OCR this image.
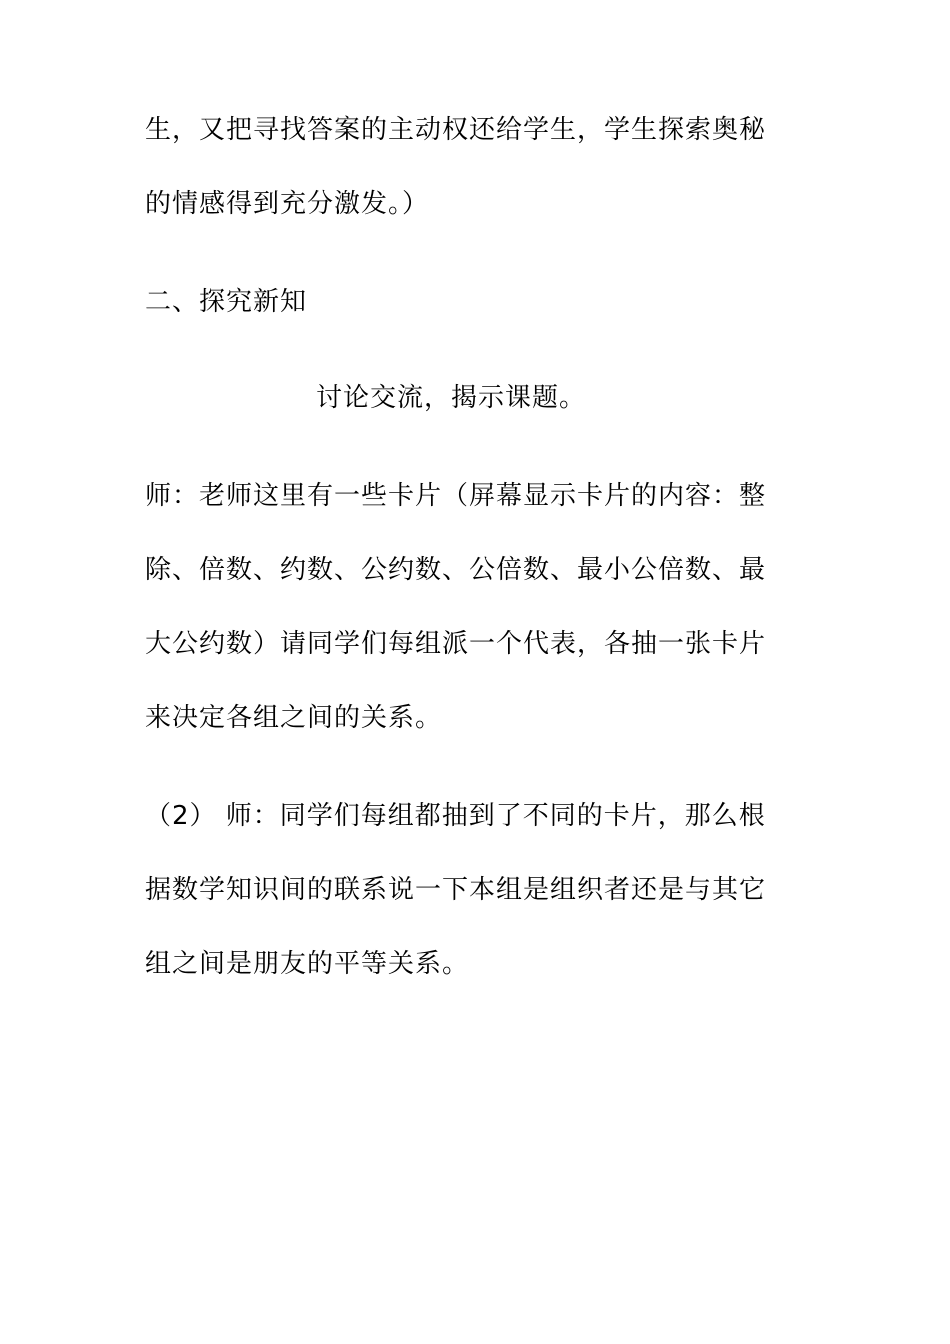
生，又把寻找答案的主动权还给学生，学生探索奥秘
的情感得到充分激发。）
二、探究新知
讨论交流，揭示课题。
师：老师这里有一些卡片（屏幕显示卡片的内容：整
除、倍数、约数、公约数、公倍数、最小公倍数、最
大公约数）请同学们每组派一个代表，各抽一张卡片
来决定各组之间的关系。
（2） 师：同学们每组都抽到了不同的卡片，那么根
据数学知识间的联系说一下本组是组织者还是与其它
组之间是朋友的平等关系。
